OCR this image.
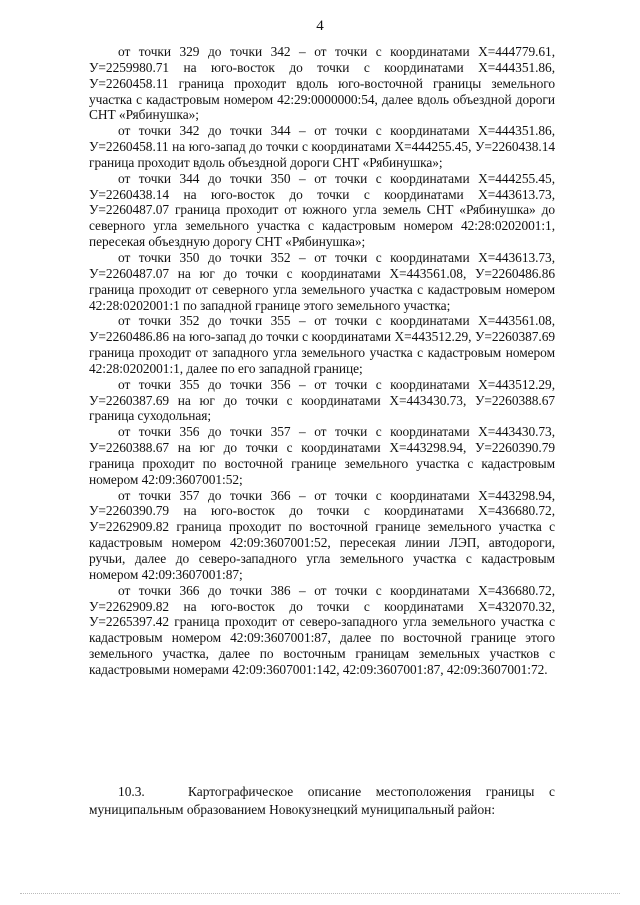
4

от точки 329 до точки 342 – от точки с координатами Х=444779.61, У=2259980.71 на юго-восток до точки с координатами Х=444351.86, У=2260458.11 граница проходит вдоль юго-восточной границы земельного участка с кадастровым номером 42:29:0000000:54, далее вдоль объездной дороги СНТ «Рябинушка»;

от точки 342 до точки 344 – от точки с координатами Х=444351.86, У=2260458.11 на юго-запад до точки с координатами Х=444255.45, У=2260438.14 граница проходит вдоль объездной дороги СНТ «Рябинушка»;

от точки 344 до точки 350 – от точки с координатами Х=444255.45, У=2260438.14 на юго-восток до точки с координатами Х=443613.73, У=2260487.07 граница проходит от южного угла земель СНТ «Рябинушка» до северного угла земельного участка с кадастровым номером 42:28:0202001:1, пересекая объездную дорогу СНТ «Рябинушка»;

от точки 350 до точки 352 – от точки с координатами Х=443613.73, У=2260487.07 на юг до точки с координатами Х=443561.08, У=2260486.86 граница проходит от северного угла земельного участка с кадастровым номером 42:28:0202001:1 по западной границе этого земельного участка;

от точки 352 до точки 355 – от точки с координатами Х=443561.08, У=2260486.86 на юго-запад до точки с координатами Х=443512.29, У=2260387.69 граница проходит от западного угла земельного участка с кадастровым номером 42:28:0202001:1, далее по его западной границе;

от точки 355 до точки 356 – от точки с координатами Х=443512.29, У=2260387.69 на юг до точки с координатами Х=443430.73, У=2260388.67 граница суходольная;

от точки 356 до точки 357 – от точки с координатами Х=443430.73, У=2260388.67 на юг до точки с координатами Х=443298.94, У=2260390.79 граница проходит по восточной границе земельного участка с кадастровым номером 42:09:3607001:52;

от точки 357 до точки 366 – от точки с координатами Х=443298.94, У=2260390.79 на юго-восток до точки с координатами Х=436680.72, У=2262909.82 граница проходит по восточной границе земельного участка с кадастровым номером 42:09:3607001:52, пересекая линии ЛЭП, автодороги, ручьи, далее до северо-западного угла земельного участка с кадастровым номером 42:09:3607001:87;

от точки 366 до точки 386 – от точки с координатами Х=436680.72, У=2262909.82 на юго-восток до точки с координатами Х=432070.32, У=2265397.42 граница проходит от северо-западного угла земельного участка с кадастровым номером 42:09:3607001:87, далее по восточной границе этого земельного участка, далее по восточным границам земельных участков с кадастровыми номерами 42:09:3607001:142, 42:09:3607001:87, 42:09:3607001:72.

10.3.	Картографическое описание местоположения границы с муниципальным образованием Новокузнецкий муниципальный район:
